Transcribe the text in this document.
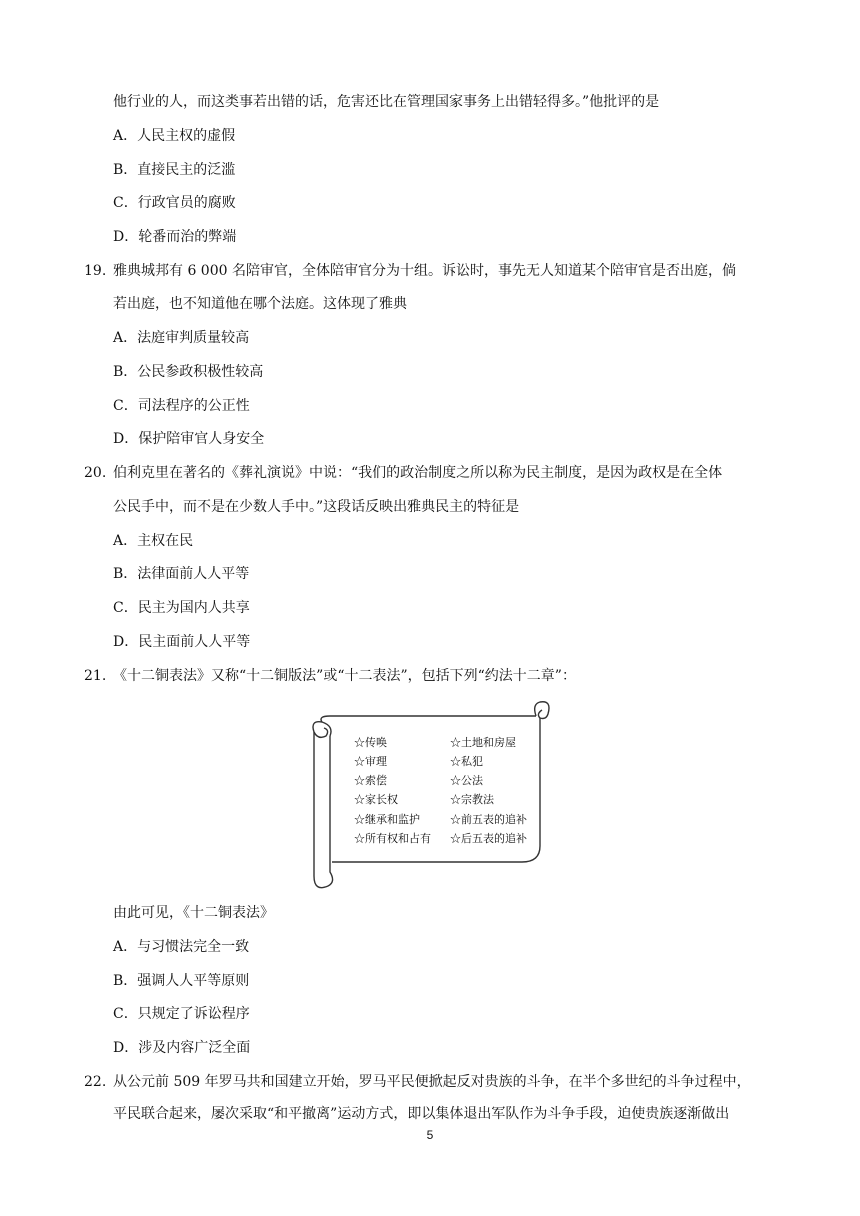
他行业的人，而这类事若出错的话，危害还比在管理国家事务上出错轻得多。”他批评的是
A．人民主权的虚假
B．直接民主的泛滥
C．行政官员的腐败
D．轮番而治的弊端
19. 雅典城邦有 6 000 名陪审官，全体陪审官分为十组。诉讼时，事先无人知道某个陪审官是否出庭，倘
若出庭，也不知道他在哪个法庭。这体现了雅典
A．法庭审判质量较高
B．公民参政积极性较高
C．司法程序的公正性
D．保护陪审官人身安全
20. 伯利克里在著名的《葬礼演说》中说：“我们的政治制度之所以称为民主制度，是因为政权是在全体
公民手中，而不是在少数人手中。”这段话反映出雅典民主的特征是
A．主权在民
B．法律面前人人平等
C．民主为国内人共享
D．民主面前人人平等
21. 《十二铜表法》又称“十二铜版法”或“十二表法”，包括下列“约法十二章”：
☆传唤
☆审理
☆索偿
☆家长权
☆继承和监护
☆所有权和占有
☆土地和房屋
☆私犯
☆公法
☆宗教法
☆前五表的追补
☆后五表的追补
由此可见，《十二铜表法》
A．与习惯法完全一致
B．强调人人平等原则
C．只规定了诉讼程序
D．涉及内容广泛全面
22. 从公元前 509 年罗马共和国建立开始，罗马平民便掀起反对贵族的斗争，在半个多世纪的斗争过程中，
平民联合起来，屡次采取“和平撤离”运动方式，即以集体退出军队作为斗争手段，迫使贵族逐渐做出
5
